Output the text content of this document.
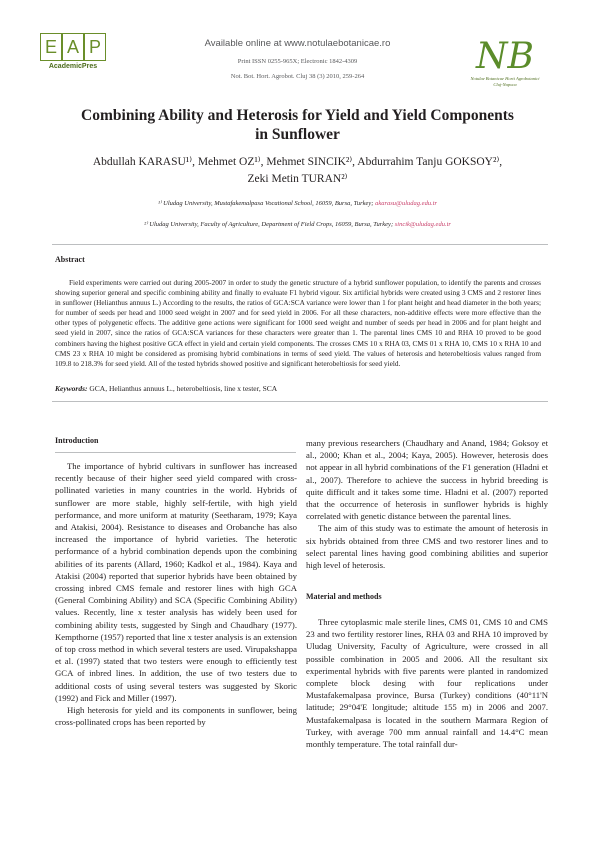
E A P
AcademicPres
Available online at www.notulaebotanicae.ro
Print ISSN 0255-965X; Electronic 1842-4309
Not. Bot. Hort. Agrobot. Cluj 38 (3) 2010, 259-264	NB
Notulae Botanicae Horti Agrobotanici
Cluj-Napoca
Combining Ability and Heterosis for Yield and Yield Components
in Sunflower
Abdullah KARASU¹⁾, Mehmet OZ¹⁾, Mehmet SINCIK²⁾, Abdurrahim Tanju GOKSOY²⁾,
Zeki Metin TURAN²⁾
¹⁾ Uludag University, Mustafakemalpasa Vocational School, 16059, Bursa, Turkey; akarasu@uludag.edu.tr
²⁾ Uludag University, Faculty of Agriculture, Department of Field Crops, 16059, Bursa, Turkey; sincik@uludag.edu.tr
Abstract
Field experiments were carried out during 2005-2007 in order to study the genetic structure of a hybrid sunflower population, to identify the parents and crosses showing superior general and specific combining ability and finally to evaluate F1 hybrid vigour. Six artificial hybrids were created using 3 CMS and 2 restorer lines in sunflower (Helianthus annuus L.) According to the results, the ratios of GCA:SCA variance were lower than 1 for plant height and head diameter in the both years; for number of seeds per head and 1000 seed weight in 2007 and for seed yield in 2006. For all these characters, non-additive effects were more effective than the other types of polygenetic effects. The additive gene actions were significant for 1000 seed weight and number of seeds per head in 2006 and for plant height and seed yield in 2007, since the ratios of GCA:SCA variances for these characters were greater than 1. The parental lines CMS 10 and RHA 10 proved to be good combiners having the highest positive GCA effect in yield and certain yield components. The crosses CMS 10 x RHA 03, CMS 01 x RHA 10, CMS 10 x RHA 10 and CMS 23 x RHA 10 might be considered as promising hybrid combinations in terms of seed yield. The values of heterosis and heterobeltiosis values ranged from 109.8 to 218.3% for seed yield. All of the tested hybrids showed positive and significant heterobeltiosis for seed yield.
Keywords: GCA, Helianthus annuus L., heterobeltiosis, line x tester, SCA
Introduction

The importance of hybrid cultivars in sunflower has increased recently because of their higher seed yield compared with cross-pollinated varieties in many countries in the world. Hybrids of sunflower are more stable, highly self-fertile, with high yield performance, and more uniform at maturity (Seetharam, 1979; Kaya and Atakisi, 2004). Resistance to diseases and Orobanche has also increased the importance of hybrid varieties. The heterotic performance of a hybrid combination depends upon the combining abilities of its parents (Allard, 1960; Kadkol et al., 1984). Kaya and Atakisi (2004) reported that superior hybrids have been obtained by crossing inbred CMS female and restorer lines with high GCA (General Combining Ability) and SCA (Specific Combining Ability) values. Recently, line x tester analysis has widely been used for combining ability tests, suggested by Singh and Chaudhary (1977). Kempthorne (1957) reported that line x tester analysis is an extension of top cross method in which several testers are used. Virupakshappa et al. (1997) stated that two testers were enough to efficiently test GCA of inbred lines. In addition, the use of two testers due to additional costs of using several testers was suggested by Skoric (1992) and Fick and Miller (1997).

High heterosis for yield and its components in sunflower, being cross-pollinated crops has been reported by

many previous researchers (Chaudhary and Anand, 1984; Goksoy et al., 2000; Khan et al., 2004; Kaya, 2005). However, heterosis does not appear in all hybrid combinations of the F1 generation (Hladni et al., 2007). Therefore to achieve the success in hybrid breeding is quite difficult and it takes some time. Hladni et al. (2007) reported that the occurrence of heterosis in sunflower hybrids is highly correlated with genetic distance between the parental lines.

The aim of this study was to estimate the amount of heterosis in six hybrids obtained from three CMS and two restorer lines and to select parental lines having good combining abilities and superior high level of heterosis.

Material and methods

Three cytoplasmic male sterile lines, CMS 01, CMS 10 and CMS 23 and two fertility restorer lines, RHA 03 and RHA 10 improved by Uludag University, Faculty of Agriculture, were crossed in all possible combination in 2005 and 2006. All the resultant six experimental hybrids with five parents were planted in randomized complete block desing with four replications under Mustafakemalpasa province, Bursa (Turkey) conditions (40°11'N latitude; 29°04'E longitude; altitude 155 m) in 2006 and 2007. Mustafakemalpasa is located in the southern Marmara Region of Turkey, with average 700 mm annual rainfall and 14.4°C mean monthly temperature. The total rainfall dur-
